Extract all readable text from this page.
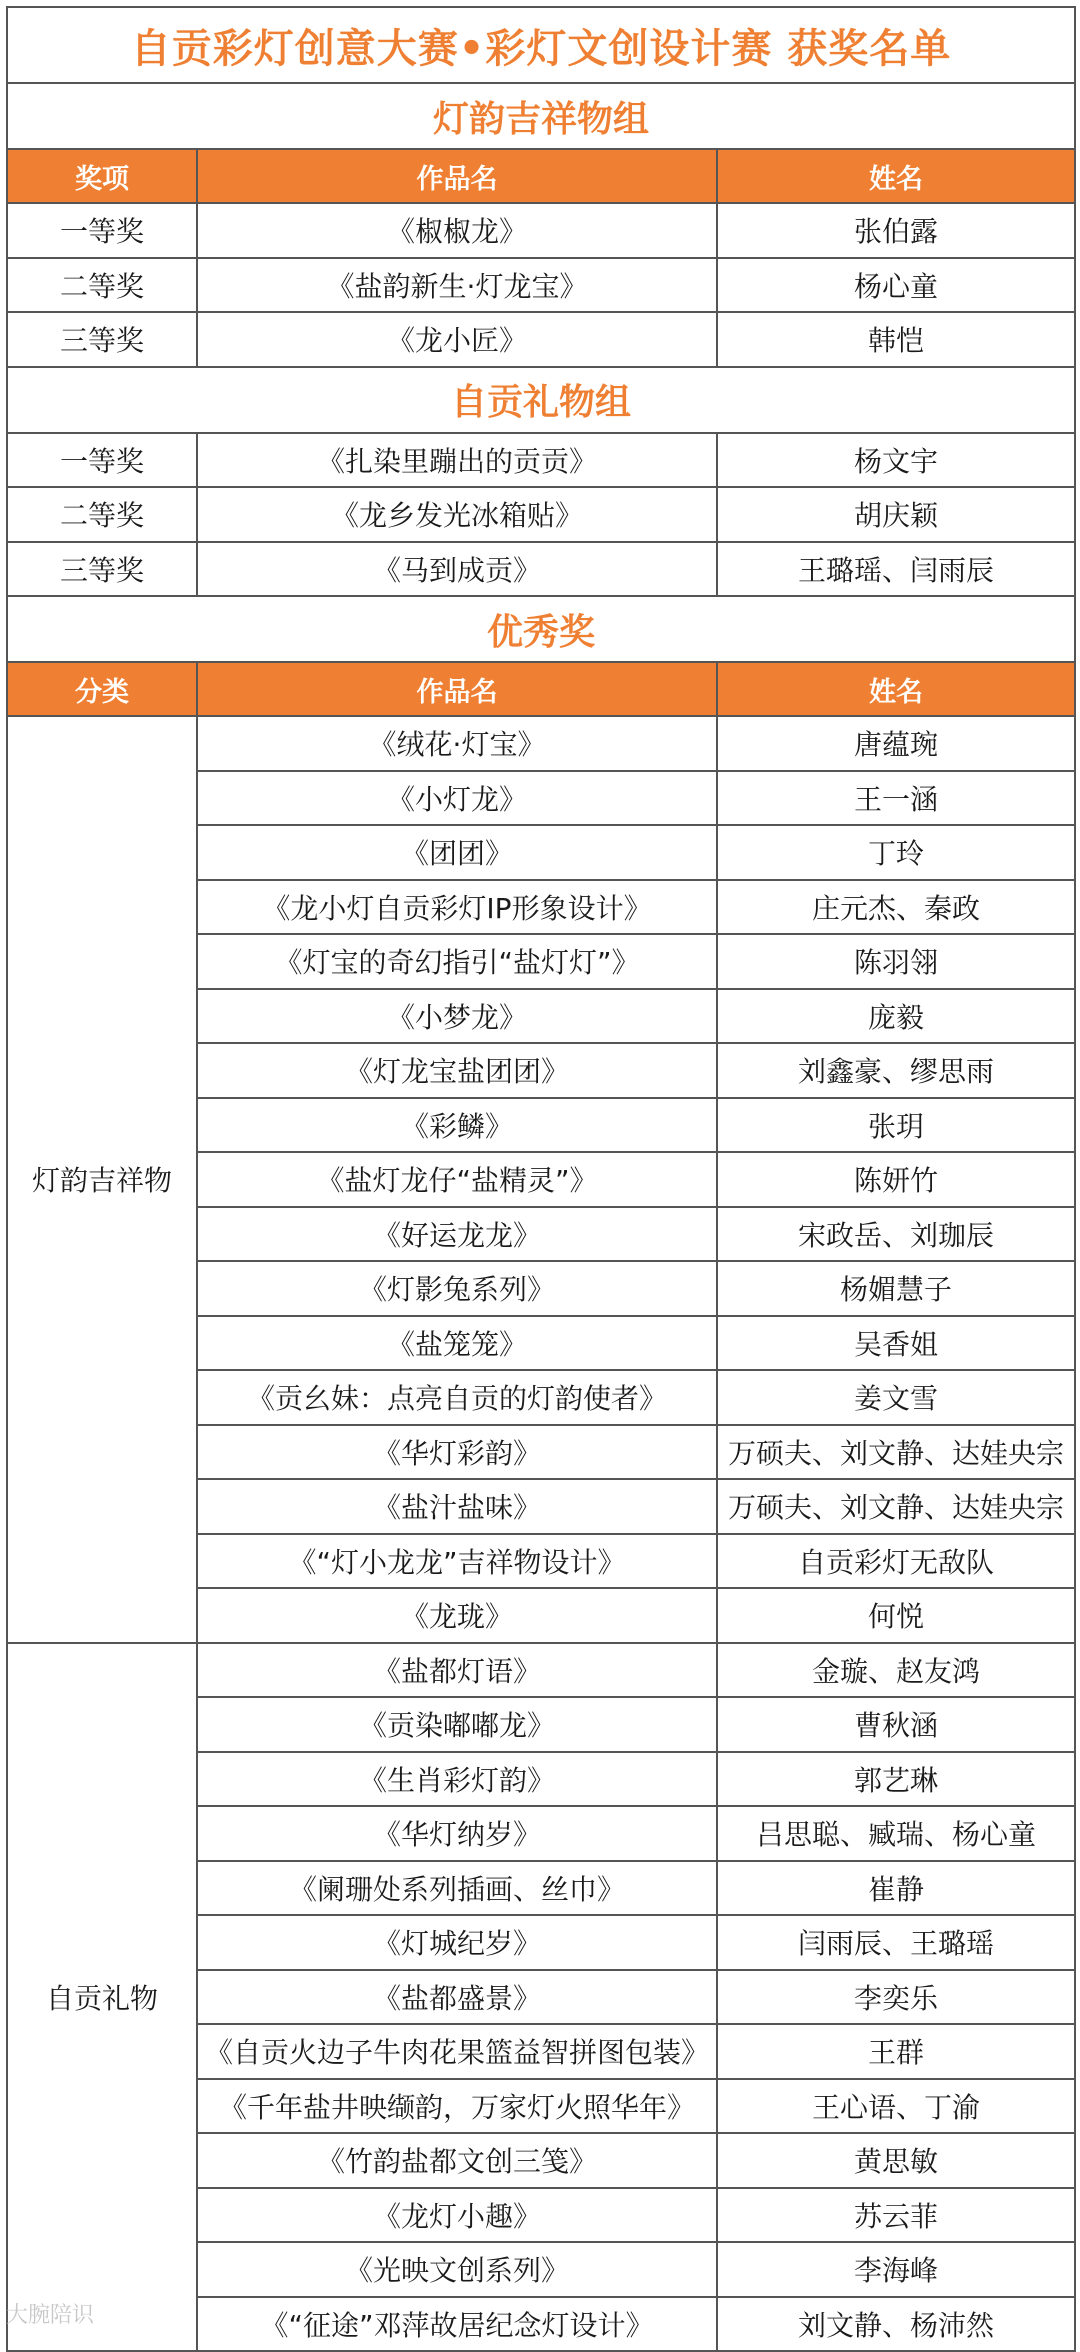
自贡彩灯创意大赛•彩灯文创设计赛 获奖名单		
灯韵吉祥物组		
奖项	作品名	姓名
一等奖	《椒椒龙》	张伯露
二等奖	《盐韵新生·灯龙宝》	杨心童
三等奖	《龙小匠》	韩恺
自贡礼物组		
一等奖	《扎染里蹦出的贡贡》	杨文宇
二等奖	《龙乡发光冰箱贴》	胡庆颖
三等奖	《马到成贡》	王璐瑶、闫雨辰
优秀奖		
分类	作品名	姓名
灯韵吉祥物	《绒花·灯宝》	唐蕴琬
	《小灯龙》	王一涵
	《团团》	丁玲
	《龙小灯自贡彩灯IP形象设计》	庄元杰、秦政
	《灯宝的奇幻指引“盐灯灯”》	陈羽翎
	《小梦龙》	庞毅
	《灯龙宝盐团团》	刘鑫豪、缪思雨
	《彩鳞》	张玥
	《盐灯龙仔“盐精灵”》	陈妍竹
	《好运龙龙》	宋政岳、刘珈辰
	《灯影兔系列》	杨媚慧子
	《盐笼笼》	吴香姐
	《贡幺妹：点亮自贡的灯韵使者》	姜文雪
	《华灯彩韵》	万硕夫、刘文静、达娃央宗
	《盐汁盐味》	万硕夫、刘文静、达娃央宗
	《“灯小龙龙”吉祥物设计》	自贡彩灯无敌队
	《龙珑》	何悦
自贡礼物	《盐都灯语》	金璇、赵友鸿
	《贡染嘟嘟龙》	曹秋涵
	《生肖彩灯韵》	郭艺琳
	《华灯纳岁》	吕思聪、臧瑞、杨心童
	《阑珊处系列插画、丝巾》	崔静
	《灯城纪岁》	闫雨辰、王璐瑶
	《盐都盛景》	李奕乐
	《自贡火边子牛肉花果篮益智拼图包装》	王群
	《千年盐井映缬韵，万家灯火照华年》	王心语、丁渝
	《竹韵盐都文创三笺》	黄思敏
	《龙灯小趣》	苏云菲
	《光映文创系列》	李海峰
	《“征途”邓萍故居纪念灯设计》	刘文静、杨沛然
大腕陪识
